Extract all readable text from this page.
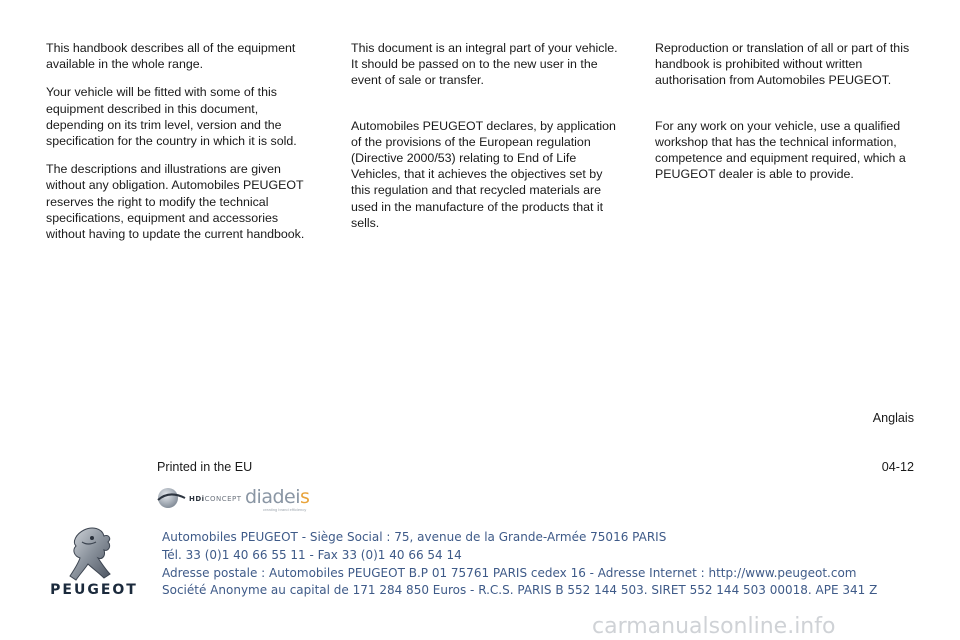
This handbook describes all of the equipment available in the whole range.

Your vehicle will be fitted with some of this equipment described in this document, depending on its trim level, version and the specification for the country in which it is sold.

The descriptions and illustrations are given without any obligation. Automobiles PEUGEOT reserves the right to modify the technical specifications, equipment and accessories without having to update the current handbook.

This document is an integral part of your vehicle. It should be passed on to the new user in the event of sale or transfer.

Automobiles PEUGEOT declares, by application of the provisions of the European regulation (Directive 2000/53) relating to End of Life Vehicles, that it achieves the objectives set by this regulation and that recycled materials are used in the manufacture of the products that it sells.

Reproduction or translation of all or part of this handbook is prohibited without written authorisation from Automobiles PEUGEOT.

For any work on your vehicle, use a qualified workshop that has the technical information, competence and equipment required, which a PEUGEOT dealer is able to provide.

Anglais
Printed in the EU	04-12
HDiCONCEPT diadeis
creating brand efficiency
PEUGEOT
Automobiles PEUGEOT - Siège Social : 75, avenue de la Grande-Armée 75016 PARIS
Tél. 33 (0)1 40 66 55 11 - Fax 33 (0)1 40 66 54 14
Adresse postale : Automobiles PEUGEOT B.P 01 75761 PARIS cedex 16 - Adresse Internet : http://www.peugeot.com
Société Anonyme au capital de 171 284 850 Euros - R.C.S. PARIS B 552 144 503. SIRET 552 144 503 00018. APE 341 Z
carmanualsonline.info
